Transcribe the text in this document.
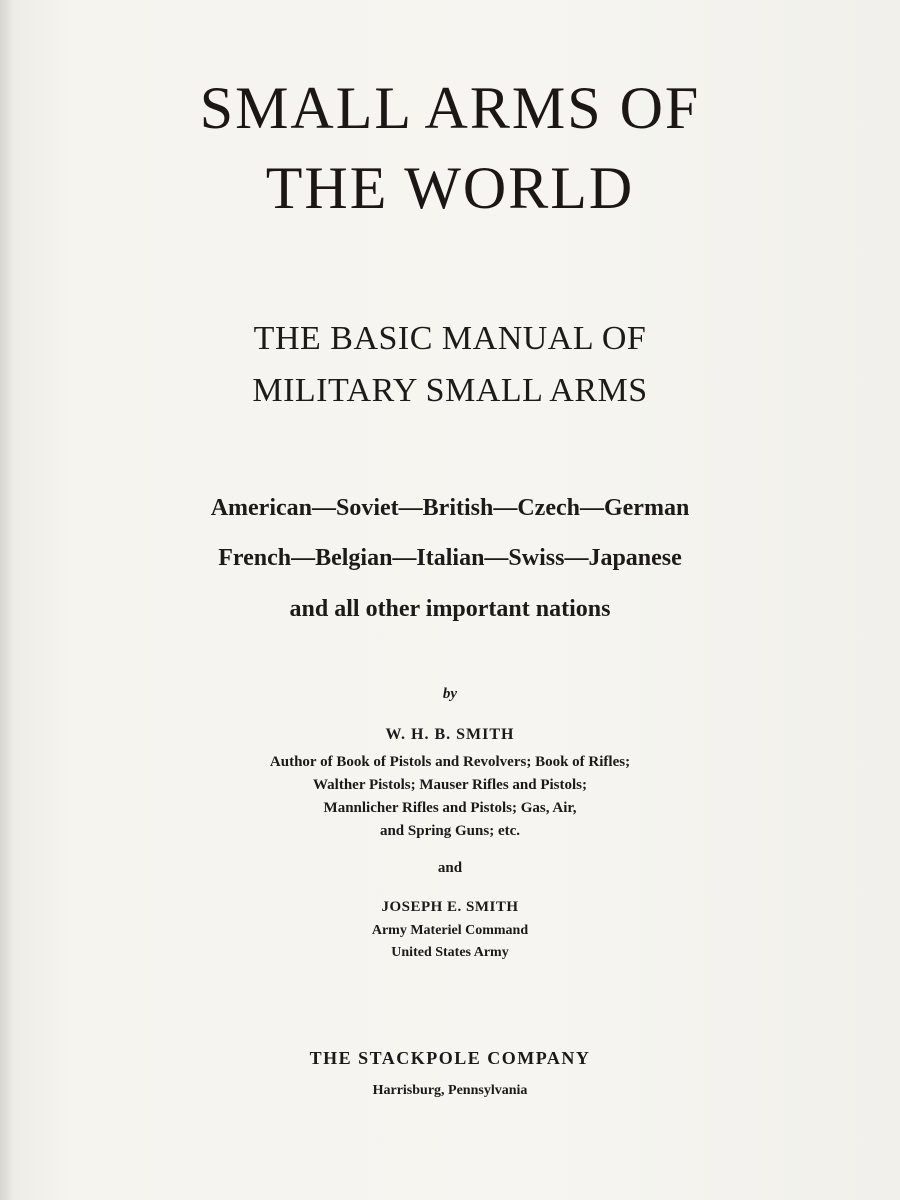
SMALL ARMS OF
THE WORLD
THE BASIC MANUAL OF
MILITARY SMALL ARMS
American—Soviet—British—Czech—German
French—Belgian—Italian—Swiss—Japanese
and all other important nations
by
W. H. B. SMITH
Author of Book of Pistols and Revolvers; Book of Rifles;
Walther Pistols; Mauser Rifles and Pistols;
Mannlicher Rifles and Pistols; Gas, Air,
and Spring Guns; etc.
and
JOSEPH E. SMITH
Army Materiel Command
United States Army
THE STACKPOLE COMPANY
Harrisburg, Pennsylvania
